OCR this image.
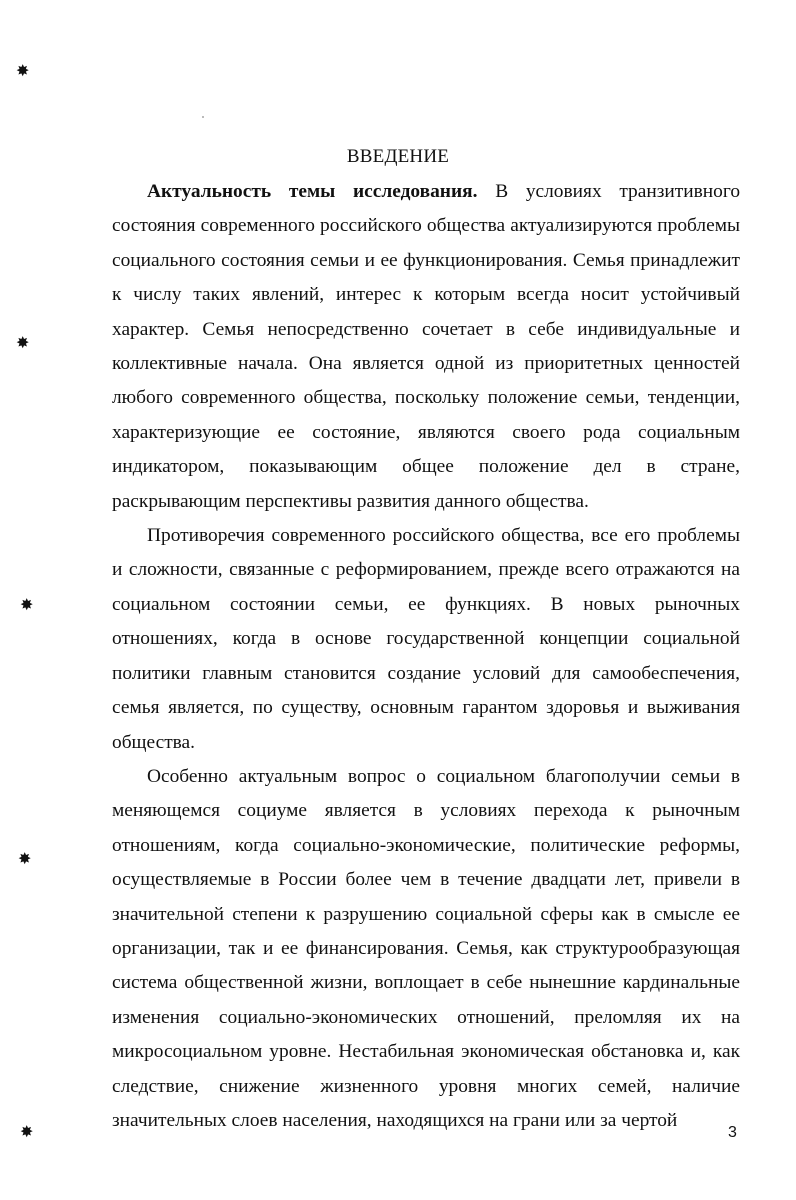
✸
✸
✸
✸
✸
ВВЕДЕНИЕ

Актуальность темы исследования. В условиях транзитивного состояния современного российского общества актуализируются проблемы социального состояния семьи и ее функционирования. Семья принадлежит к числу таких явлений, интерес к которым всегда носит устойчивый характер. Семья непосредственно сочетает в себе индивидуальные и коллективные начала. Она является одной из приоритетных ценностей любого современного общества, поскольку положение семьи, тенденции, характеризующие ее состояние, являются своего рода социальным индикатором, показывающим общее положение дел в стране, раскрывающим перспективы развития данного общества.

Противоречия современного российского общества, все его проблемы и сложности, связанные с реформированием, прежде всего отражаются на социальном состоянии семьи, ее функциях. В новых рыночных отношениях, когда в основе государственной концепции социальной политики главным становится создание условий для самообеспечения, семья является, по существу, основным гарантом здоровья и выживания общества.

Особенно актуальным вопрос о социальном благополучии семьи в меняющемся социуме является в условиях перехода к рыночным отношениям, когда социально-экономические, политические реформы, осуществляемые в России более чем в течение двадцати лет, привели в значительной степени к разрушению социальной сферы как в смысле ее организации, так и ее финансирования. Семья, как структурообразующая система общественной жизни, воплощает в себе нынешние кардинальные изменения социально-экономических отношений, преломляя их на микросоциальном уровне. Нестабильная экономическая обстановка и, как следствие, снижение жизненного уровня многих семей, наличие значительных слоев населения, находящихся на грани или за чертой

3
